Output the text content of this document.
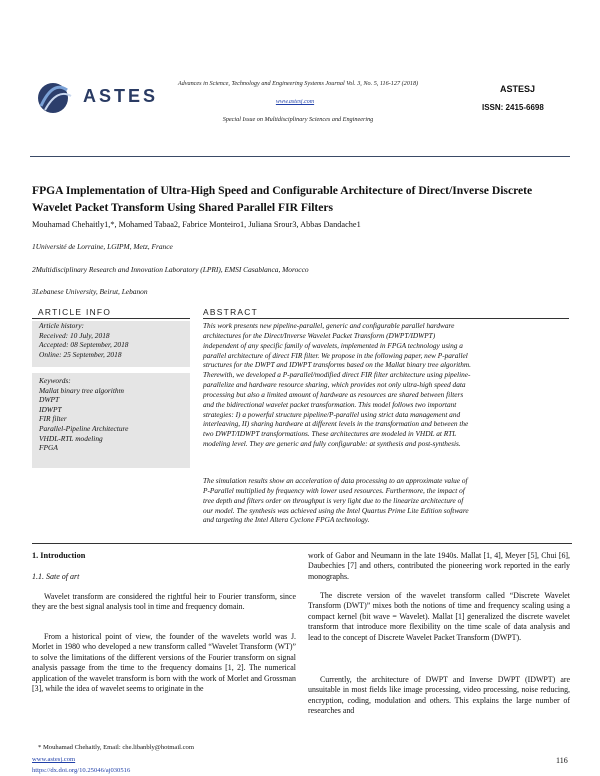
ASTES
Advances in Science, Technology and Engineering Systems Journal Vol. 3, No. 5, 116-127 (2018)
www.astesj.com
Special Issue on Multidisciplinary Sciences and Engineering
ASTESJ
ISSN: 2415-6698
FPGA Implementation of Ultra-High Speed and Configurable Architecture of Direct/Inverse Discrete Wavelet Packet Transform Using Shared Parallel FIR Filters
Mouhamad Chehaitly1,*, Mohamed Tabaa2, Fabrice Monteiro1, Juliana Srour3, Abbas Dandache1
1Université de Lorraine, LGIPM, Metz, France
2Multidisciplinary Research and Innovation Laboratory (LPRI), EMSI Casablanca, Morocco
3Lebanese University, Beirut, Lebanon
ARTICLE INFO	ABSTRACT
Article history:
Received: 10 July, 2018
Accepted: 08 September, 2018
Online: 25 September, 2018
Keywords:
Mallat binary tree algorithm
DWPT
IDWPT
FIR filter
Parallel-Pipeline Architecture
VHDL-RTL modeling
FPGA
This work presents new pipeline-parallel, generic and configurable parallel hardware
architectures for the Direct/Inverse Wavelet Packet Transform (DWPT/IDWPT)
independent of any specific family of wavelets, implemented in FPGA technology using a
parallel architecture of direct FIR filter. We propose in the following paper, new P-parallel
structures for the DWPT and IDWPT transforms based on the Mallat binary tree algorithm.
Therewith, we developed a P-parallel/modified direct FIR filter architecture using pipeline-
parallelize and hardware resource sharing, which provides not only ultra-high speed data
processing but also a limited amount of hardware as resources are shared between filters
and the bidirectional wavelet packet transformation. This model follows two important
strategies: I) a powerful structure pipeline/P-parallel using strict data management and
interleaving, II) sharing hardware at different levels in the transformation and between the
two DWPT/IDWPT transformations. These architectures are modeled in VHDL at RTL
modeling level. They are generic and fully configurable: at synthesis and post-synthesis.
The simulation results show an acceleration of data processing to an approximate value of
P-Parallel multiplied by frequency with lower used resources. Furthermore, the impact of
tree depth and filters order on throughput is very light due to the linearize architecture of
our model. The synthesis was achieved using the Intel Quartus Prime Lite Edition software
and targeting the Intel Altera Cyclone FPGA technology.
1. Introduction
1.1. Sate of art
Wavelet transform are considered the rightful heir to Fourier transform, since they are the best signal analysis tool in time and frequency domain.
From a historical point of view, the founder of the wavelets world was J. Morlet in 1980 who developed a new transform called “Wavelet Transform (WT)” to solve the limitations of the different versions of the Fourier transform on signal analysis passage from the time to the frequency domains [1, 2]. The numerical application of the wavelet transform is born with the work of Morlet and Grossman [3], while the idea of wavelet seems to originate in the
work of Gabor and Neumann in the late 1940s. Mallat [1, 4], Meyer [5], Chui [6], Daubechies [7] and others, contributed the pioneering work reported in the early monographs.
The discrete version of the wavelet transform called “Discrete Wavelet Transform (DWT)” mixes both the notions of time and frequency scaling using a compact kernel (bit wave = Wavelet). Mallat [1] generalized the discrete wavelet transform that introduce more flexibility on the time scale of data analysis and lead to the concept of Discrete Wavelet Packet Transform (DWPT).
Currently, the architecture of DWPT and Inverse DWPT (IDWPT) are unsuitable in most fields like image processing, video processing, noise reducing, encryption, coding, modulation and others. This explains the large number of researches and
* Mouhamad Chehaitly, Email: che.libanbly@hotmail.com
www.astesj.com
https://dx.doi.org/10.25046/aj030516
116
